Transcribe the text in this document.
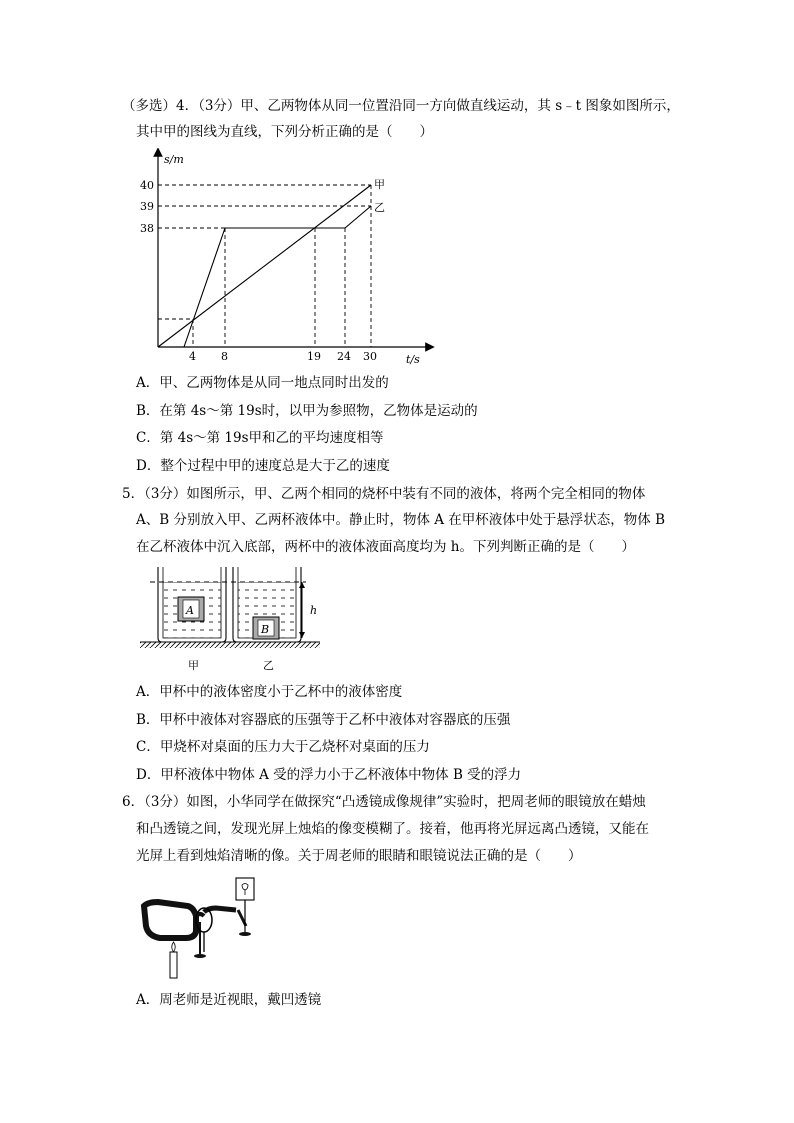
（多选）4．（3分）甲、乙两物体从同一位置沿同一方向做直线运动，其 s﹣t 图象如图所示，
其中甲的图线为直线，下列分析正确的是（　　）
s/m
t/s
40
39
38
4 8	19 24 30
甲
乙
A．甲、乙两物体是从同一地点同时出发的
B．在第 4s～第 19s时，以甲为参照物，乙物体是运动的
C．第 4s～第 19s甲和乙的平均速度相等
D．整个过程中甲的速度总是大于乙的速度
5．（3分）如图所示，甲、乙两个相同的烧杯中装有不同的液体，将两个完全相同的物体
A、B 分别放入甲、乙两杯液体中。静止时，物体 A 在甲杯液体中处于悬浮状态，物体 B
在乙杯液体中沉入底部，两杯中的液体液面高度均为 h。下列判断正确的是（　　）
A
B
h
甲	乙
A．甲杯中的液体密度小于乙杯中的液体密度
B．甲杯中液体对容器底的压强等于乙杯中液体对容器底的压强
C．甲烧杯对桌面的压力大于乙烧杯对桌面的压力
D．甲杯液体中物体 A 受的浮力小于乙杯液体中物体 B 受的浮力
6．（3分）如图，小华同学在做探究“凸透镜成像规律”实验时，把周老师的眼镜放在蜡烛
和凸透镜之间，发现光屏上烛焰的像变模糊了。接着，他再将光屏远离凸透镜，又能在
光屏上看到烛焰清晰的像。关于周老师的眼睛和眼镜说法正确的是（　　）
A．周老师是近视眼，戴凹透镜
